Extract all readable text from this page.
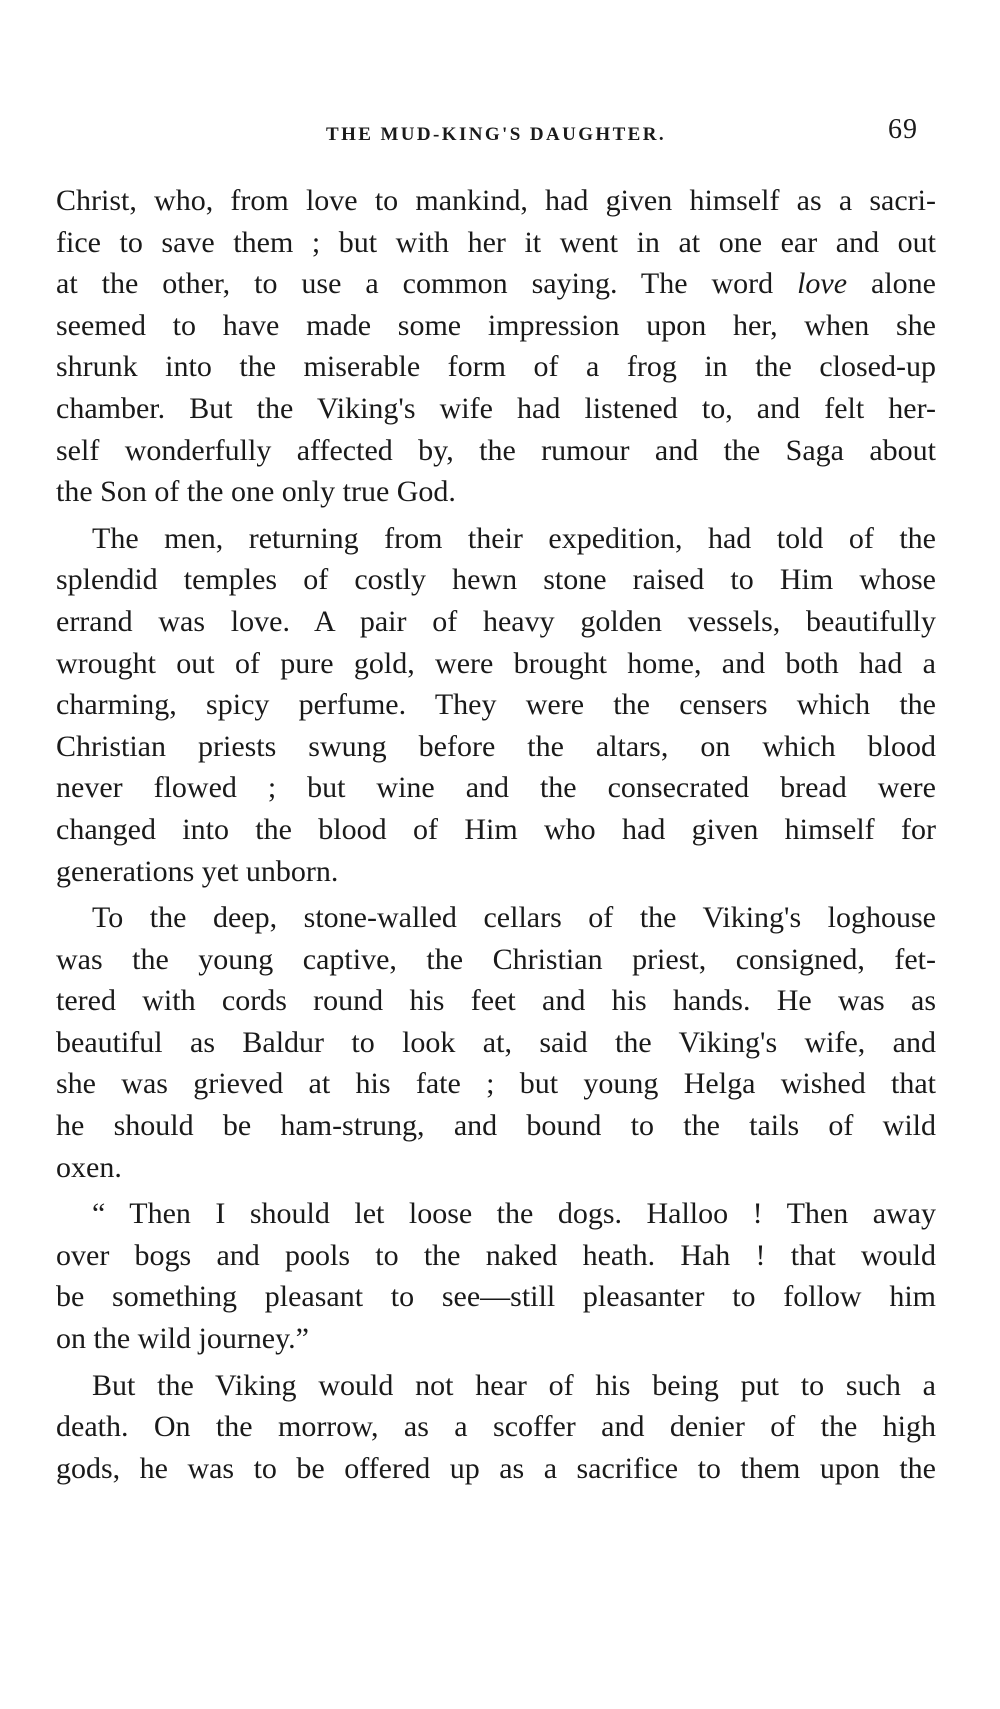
THE MUD-KING'S DAUGHTER.	69
Christ, who, from love to mankind, had given himself as a sacri-
fice to save them ; but with her it went in at one ear and out
at the other, to use a common saying. The word love alone
seemed to have made some impression upon her, when she
shrunk into the miserable form of a frog in the closed-up
chamber. But the Viking's wife had listened to, and felt her-
self wonderfully affected by, the rumour and the Saga about
the Son of the one only true God.
The men, returning from their expedition, had told of the
splendid temples of costly hewn stone raised to Him whose
errand was love. A pair of heavy golden vessels, beautifully
wrought out of pure gold, were brought home, and both had a
charming, spicy perfume. They were the censers which the
Christian priests swung before the altars, on which blood
never flowed ; but wine and the consecrated bread were
changed into the blood of Him who had given himself for
generations yet unborn.
To the deep, stone-walled cellars of the Viking's loghouse
was the young captive, the Christian priest, consigned, fet-
tered with cords round his feet and his hands. He was as
beautiful as Baldur to look at, said the Viking's wife, and
she was grieved at his fate ; but young Helga wished that
he should be ham-strung, and bound to the tails of wild
oxen.
“ Then I should let loose the dogs. Halloo ! Then away
over bogs and pools to the naked heath. Hah ! that would
be something pleasant to see—still pleasanter to follow him
on the wild journey.”
But the Viking would not hear of his being put to such a
death. On the morrow, as a scoffer and denier of the high
gods, he was to be offered up as a sacrifice to them upon the
